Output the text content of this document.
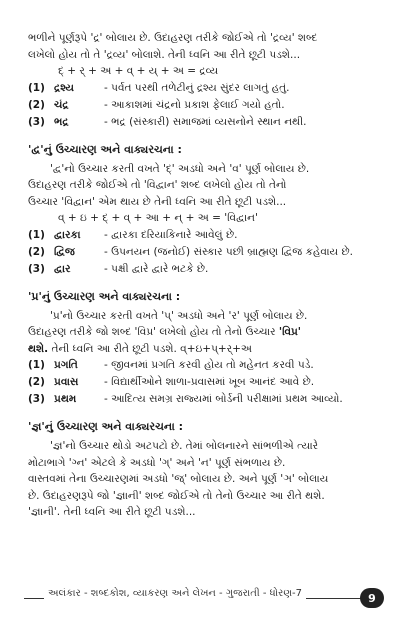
ભળીને પૂર્ણરૂપે 'દ્ર' બોલાય છે. ઉદાહરણ તરીકે જોઈએ તો 'દ્રવ્ય' શબ્દ
લખેલો હોય તો તે 'દ્રવ્ય' બોલાશે. તેની ધ્વનિ આ રીતે છૂટી પડશે...
દ્ + ર્ + અ + વ્ + ય્ + અ = દ્રવ્ય
(1) દ્રશ્ય	- પર્વત પરથી તળેટીનું દ્રશ્ય સુંદર લાગતું હતું.
(2) ચંદ્ર	- આકાશમાં ચંદ્રનો પ્રકાશ ફેલાઈ ગયો હતો.
(3) ભદ્ર	- ભદ્ર (સંસ્કારી) સમાજમાં વ્યસનોને સ્થાન નથી.
'દ્વ'નું ઉચ્ચારણ અને વાક્યરચના :
'દ્વ'નો ઉચ્ચાર કરતી વખતે 'દ્' અડધો અને 'વ' પૂર્ણ બોલાય છે.
ઉદાહરણ તરીકે જોઈએ તો 'વિદ્વાન' શબ્દ લખેલો હોય તો તેનો
ઉચ્ચાર 'વિદ્વાન' એમ થાય છે તેની ધ્વનિ આ રીતે છૂટી પડશે...
વ્ + ઇ + દ્ + વ્ + આ + ન્ + અ = 'વિદ્વાન'
(1) દ્વારકા	- દ્વારકા દરિયાકિનારે આવેલું છે.
(2) દ્વિજ	- ઉપનયન (જનોઈ) સંસ્કાર પછી બ્રાહ્મણ દ્વિજ કહેવાય છે.
(3) દ્વાર	- પક્ષી દ્વારે દ્વારે ભટકે છે.
'પ્ર'નું ઉચ્ચારણ અને વાક્યરચના :
'પ્ર'નો ઉચ્ચાર કરતી વખતે 'પ્' અડધો અને 'ર' પૂર્ણ બોલાય છે.
ઉદાહરણ તરીકે જો શબ્દ 'વિપ્ર' લખેલો હોય તો તેનો ઉચ્ચાર 'વિપ્ર'
થશે. તેની ધ્વનિ આ રીતે છૂટી પડશે. વ્+ઇ+પ્+ર્+અ
(1) પ્રગતિ	- જીવનમાં પ્રગતિ કરવી હોય તો મહેનત કરવી પડે.
(2) પ્રવાસ	- વિદ્યાર્થીઓને શાળા-પ્રવાસમાં ખૂબ આનંદ આવે છે.
(3) પ્રથમ	- આદિત્ય સમગ્ર રાજ્યમાં બોર્ડની પરીક્ષામાં પ્રથમ આવ્યો.
'જ્ઞ'નું ઉચ્ચારણ અને વાક્યરચના :
'જ્ઞ'નો ઉચ્ચાર થોડો અટપટો છે. તેમાં બોલનારને સાંભળીએ ત્યારે
મોટાભાગે 'ગ્ન' એટલે કે અડધો 'ગ્' અને 'ન' પૂર્ણ સંભળાય છે.
વાસ્તવમાં તેના ઉચ્ચારણમાં અડધો 'જ્' બોલાય છે. અને પૂર્ણ 'ઞ' બોલાય
છે. ઉદાહરણરૂપે જો 'જ્ઞાની' શબ્દ જોઈએ તો તેનો ઉચ્ચાર આ રીતે થશે.
'જ્ઞાની'. તેની ધ્વનિ આ રીતે છૂટી પડશે...
અલંકાર - શબ્દકોશ, વ્યાકરણ અને લેખન - ગુજરાતી - ધોરણ-7	9
